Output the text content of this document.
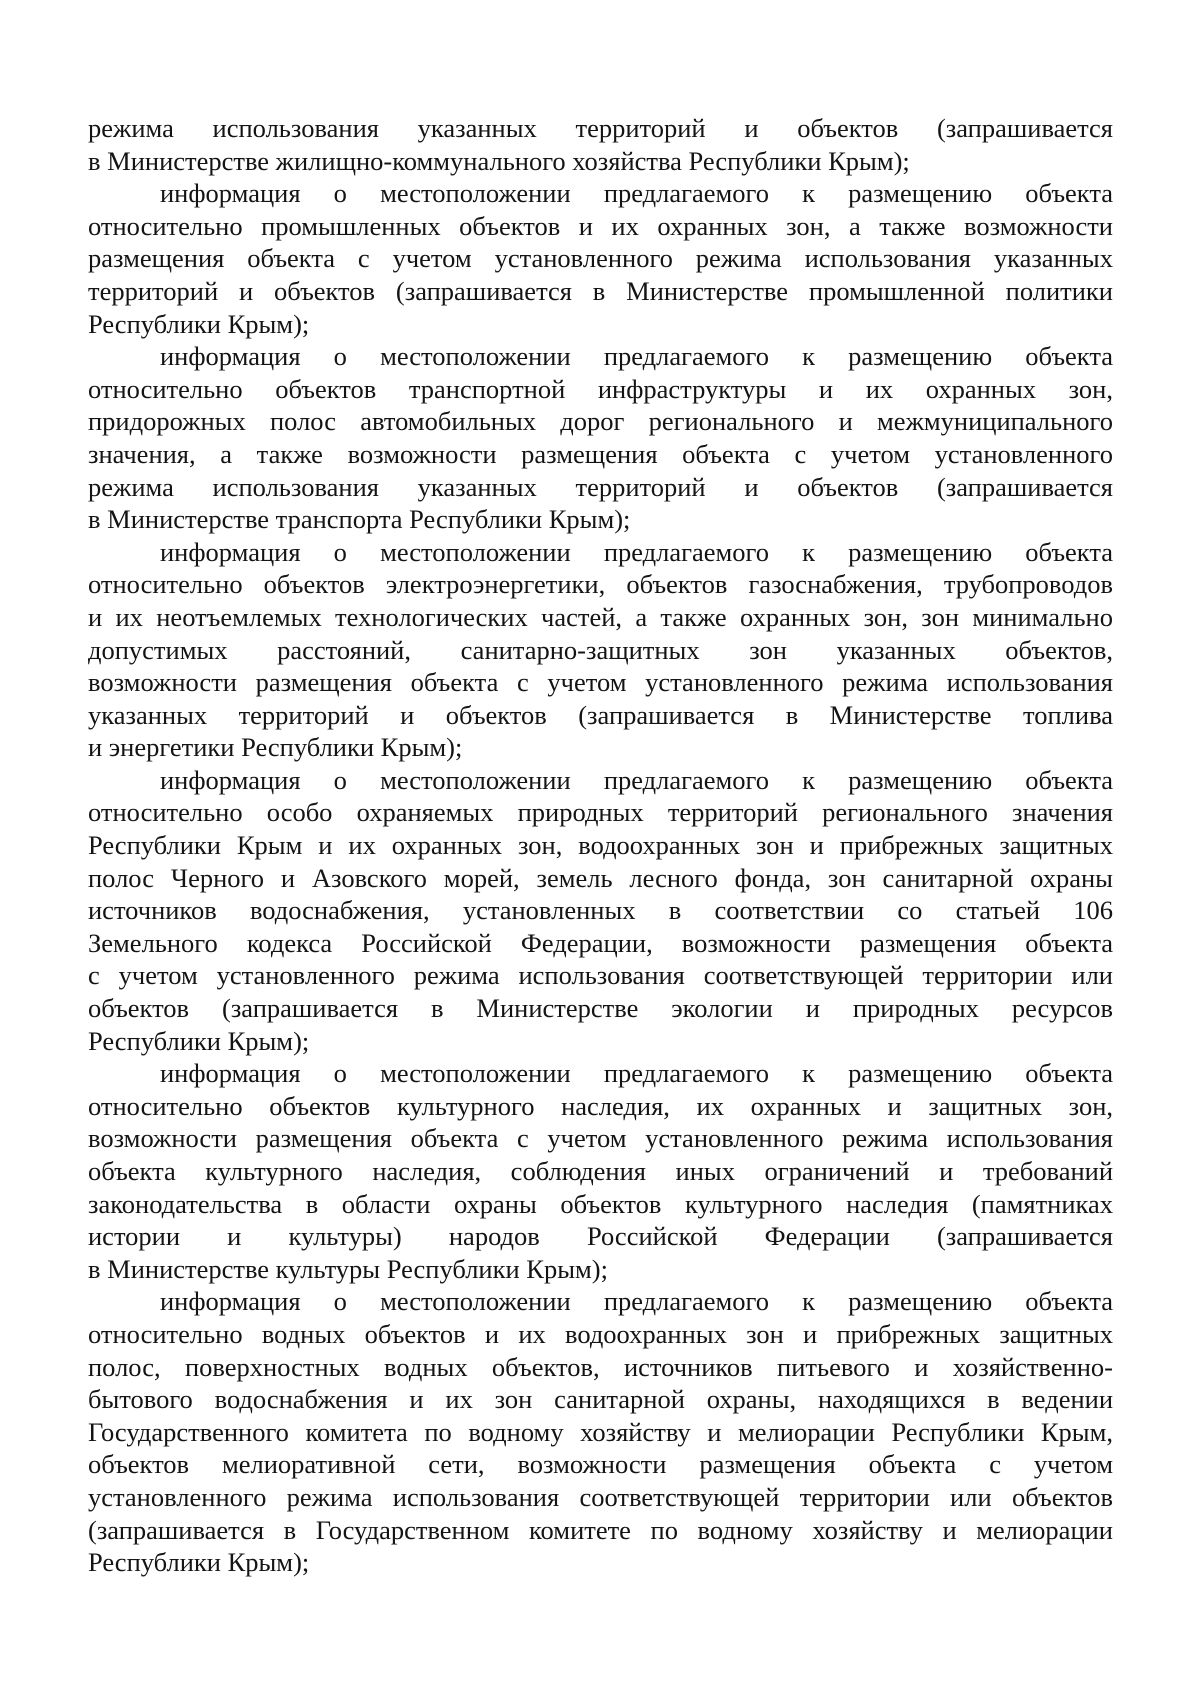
режима использования указанных территорий и объектов (запрашивается
в Министерстве жилищно-коммунального хозяйства Республики Крым);

информация о местоположении предлагаемого к размещению объекта
относительно промышленных объектов и их охранных зон, а также возможности
размещения объекта с учетом установленного режима использования указанных
территорий и объектов (запрашивается в Министерстве промышленной политики
Республики Крым);

информация о местоположении предлагаемого к размещению объекта
относительно объектов транспортной инфраструктуры и их охранных зон,
придорожных полос автомобильных дорог регионального и межмуниципального
значения, а также возможности размещения объекта с учетом установленного
режима использования указанных территорий и объектов (запрашивается
в Министерстве транспорта Республики Крым);

информация о местоположении предлагаемого к размещению объекта
относительно объектов электроэнергетики, объектов газоснабжения, трубопроводов
и их неотъемлемых технологических частей, а также охранных зон, зон минимально
допустимых расстояний, санитарно-защитных зон указанных объектов,
возможности размещения объекта с учетом установленного режима использования
указанных территорий и объектов (запрашивается в Министерстве топлива
и энергетики Республики Крым);

информация о местоположении предлагаемого к размещению объекта
относительно особо охраняемых природных территорий регионального значения
Республики Крым и их охранных зон, водоохранных зон и прибрежных защитных
полос Черного и Азовского морей, земель лесного фонда, зон санитарной охраны
источников водоснабжения, установленных в соответствии со статьей 106
Земельного кодекса Российской Федерации, возможности размещения объекта
с учетом установленного режима использования соответствующей территории или
объектов (запрашивается в Министерстве экологии и природных ресурсов
Республики Крым);

информация о местоположении предлагаемого к размещению объекта
относительно объектов культурного наследия, их охранных и защитных зон,
возможности размещения объекта с учетом установленного режима использования
объекта культурного наследия, соблюдения иных ограничений и требований
законодательства в области охраны объектов культурного наследия (памятниках
истории и культуры) народов Российской Федерации (запрашивается
в Министерстве культуры Республики Крым);

информация о местоположении предлагаемого к размещению объекта
относительно водных объектов и их водоохранных зон и прибрежных защитных
полос, поверхностных водных объектов, источников питьевого и хозяйственно-
бытового водоснабжения и их зон санитарной охраны, находящихся в ведении
Государственного комитета по водному хозяйству и мелиорации Республики Крым,
объектов мелиоративной сети, возможности размещения объекта с учетом
установленного режима использования соответствующей территории или объектов
(запрашивается в Государственном комитете по водному хозяйству и мелиорации
Республики Крым);
